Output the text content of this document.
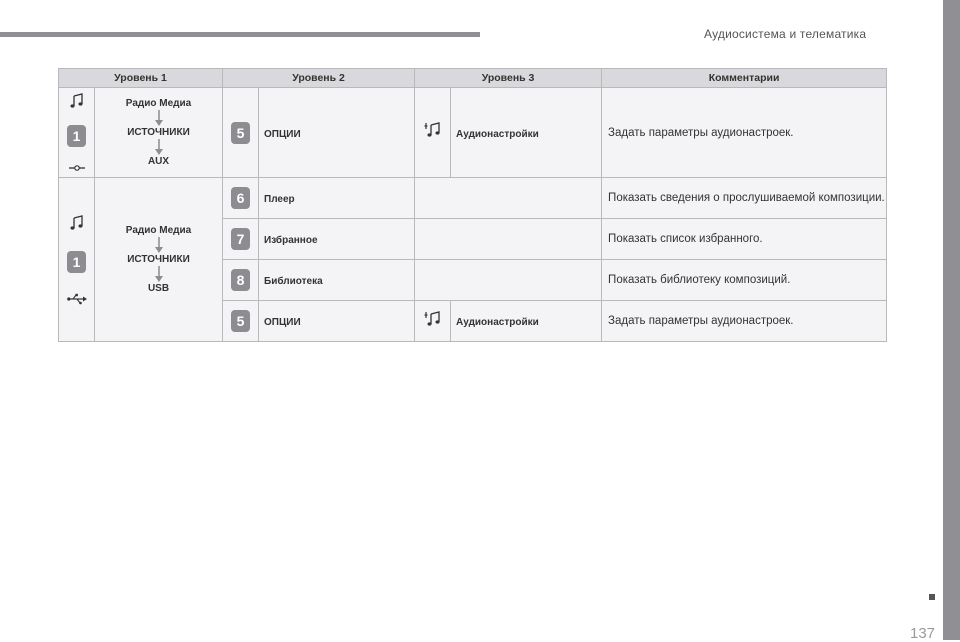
Аудиосистема и телематика
Уровень 1		Уровень 2		Уровень 3		Комментарии

1	Радио Медиа
ИСТОЧНИКИ
AUX	5	ОПЦИИ		Аудионастройки	Задать параметры аудионастроек.

1	Радио Медиа
ИСТОЧНИКИ
USB	6	Плеер			Показать сведения о прослушиваемой композиции.

		7	Избранное			Показать список избранного.

		8	Библиотека			Показать библиотеку композиций.

		5	ОПЦИИ		Аудионастройки	Задать параметры аудионастроек.
137
